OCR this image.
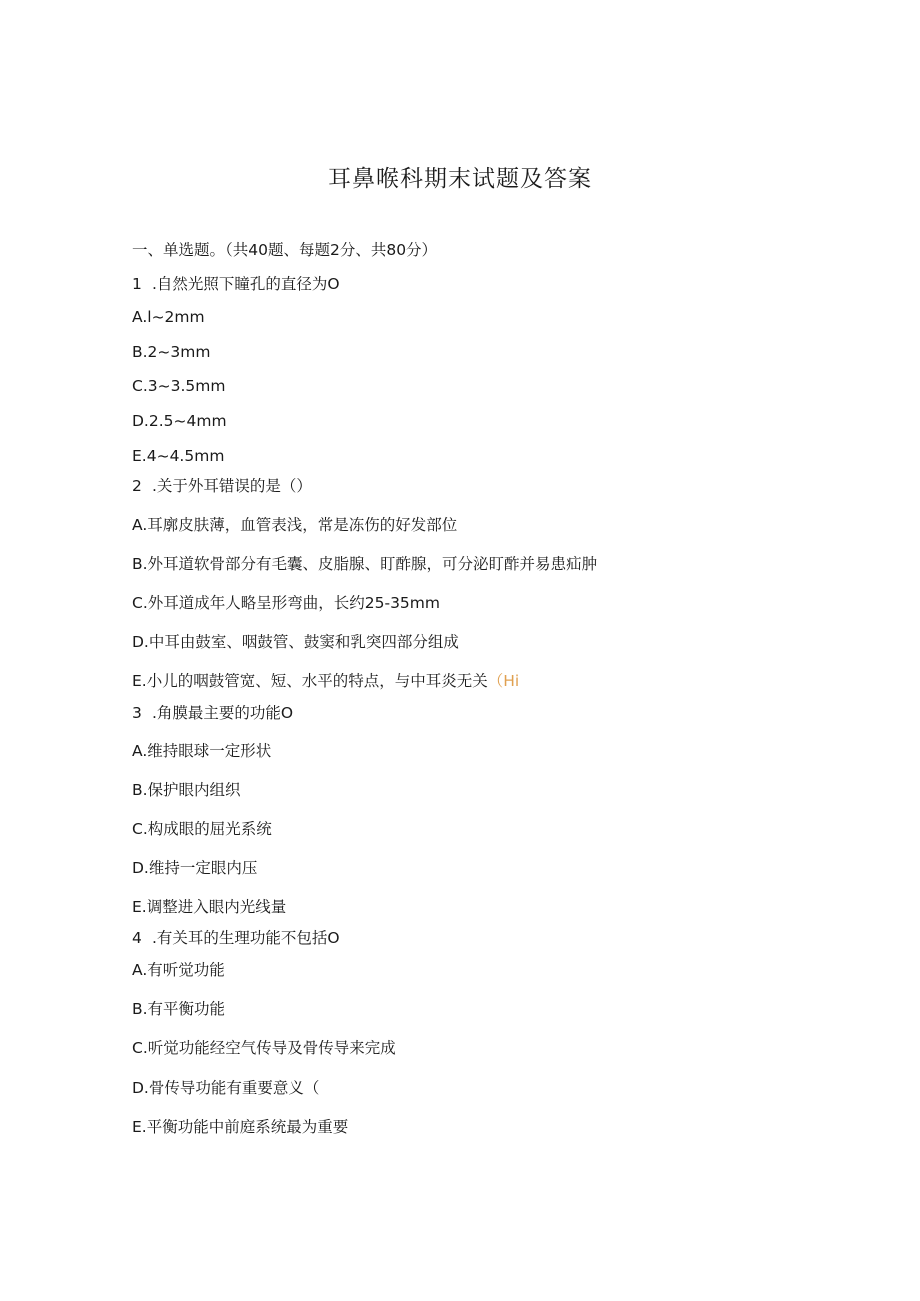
耳鼻喉科期末试题及答案
一、单选题。（共40题、每题2分、共80分）
1 .自然光照下瞳孔的直径为O
A.l~2mm
B.2~3mm
C.3~3.5mm
D.2.5~4mm
E.4~4.5mm
2 .关于外耳错误的是（）
A.耳廓皮肤薄，血管表浅，常是冻伤的好发部位
B.外耳道软骨部分有毛囊、皮脂腺、盯酢腺，可分泌盯酢并易患疝肿
C.外耳道成年人略呈形弯曲，长约25-35mm
D.中耳由鼓室、咽鼓管、鼓窦和乳突四部分组成
E.小儿的咽鼓管宽、短、水平的特点，与中耳炎无关（Hi
3 .角膜最主要的功能O
A.维持眼球一定形状
B.保护眼内组织
C.构成眼的屈光系统
D.维持一定眼内压
E.调整进入眼内光线量
4 .有关耳的生理功能不包括O
A.有听觉功能
B.有平衡功能
C.听觉功能经空气传导及骨传导来完成
D.骨传导功能有重要意义（
E.平衡功能中前庭系统最为重要
